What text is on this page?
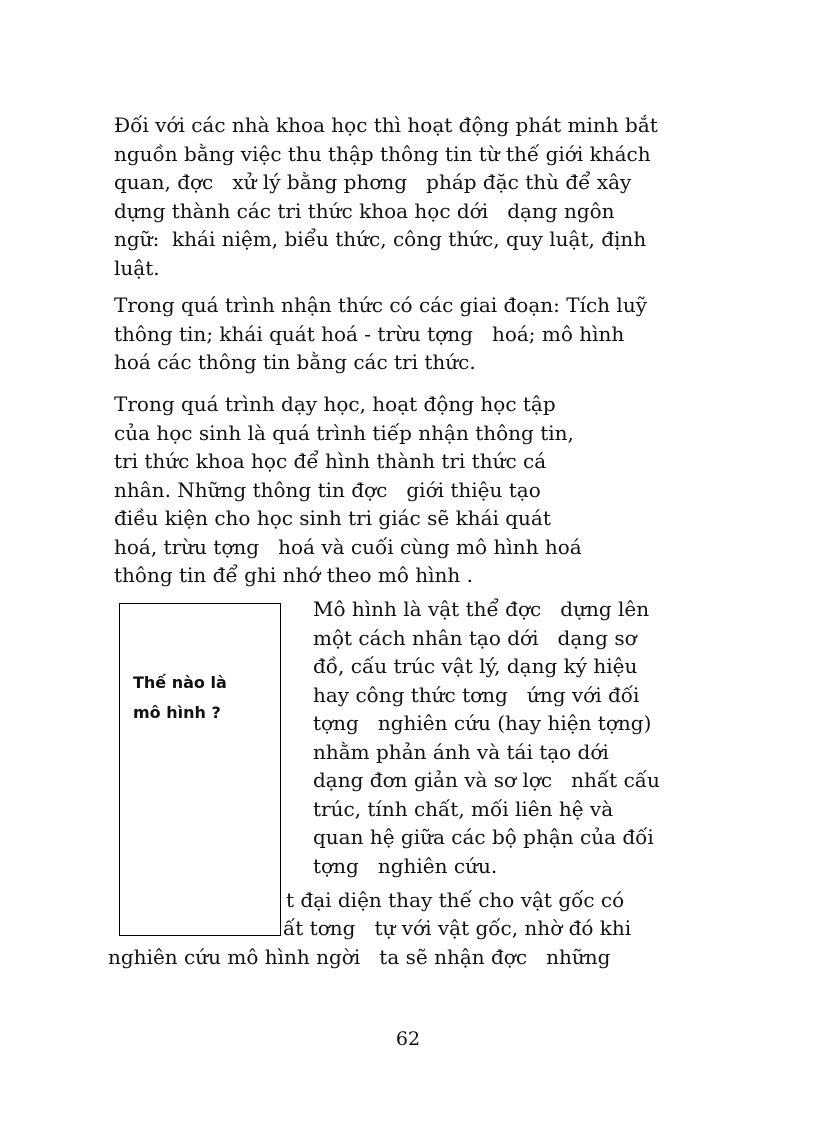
Đối với các nhà khoa học thì hoạt động phát minh bắt

nguồn bằng việc thu thập thông tin từ thế giới khách

quan, đợc   xử lý bằng phơng   pháp đặc thù để xây

dựng thành các tri thức khoa học dới   dạng ngôn

ngữ:  khái niệm, biểu thức, công thức, quy luật, định

luật.

Trong quá trình nhận thức có các giai đoạn: Tích luỹ

thông tin; khái quát hoá - trừu tợng   hoá; mô hình

hoá các thông tin bằng các tri thức.

Trong quá trình dạy học, hoạt động học tập

của học sinh là quá trình tiếp nhận thông tin,

tri thức khoa học để hình thành tri thức cá

nhân. Những thông tin đợc   giới thiệu tạo

điều kiện cho học sinh tri giác sẽ khái quát

hoá, trừu tợng   hoá và cuối cùng mô hình hoá

thông tin để ghi nhớ theo mô hình .

Mô hình là vật thể đợc   dựng lên

một cách nhân tạo dới   dạng sơ

đồ, cấu trúc vật lý, dạng ký hiệu

hay công thức tơng   ứng với đối

tợng   nghiên cứu (hay hiện tợng)

nhằm phản ánh và tái tạo dới

dạng đơn giản và sơ lợc   nhất cấu

trúc, tính chất, mối liên hệ và

quan hệ giữa các bộ phận của đối

tợng   nghiên cứu.

t đại diện thay thế cho vật gốc có

ất tơng   tự với vật gốc, nhờ đó khi

nghiên cứu mô hình ngời   ta sẽ nhận đợc   những

Thế nào là
mô hình ?

62
